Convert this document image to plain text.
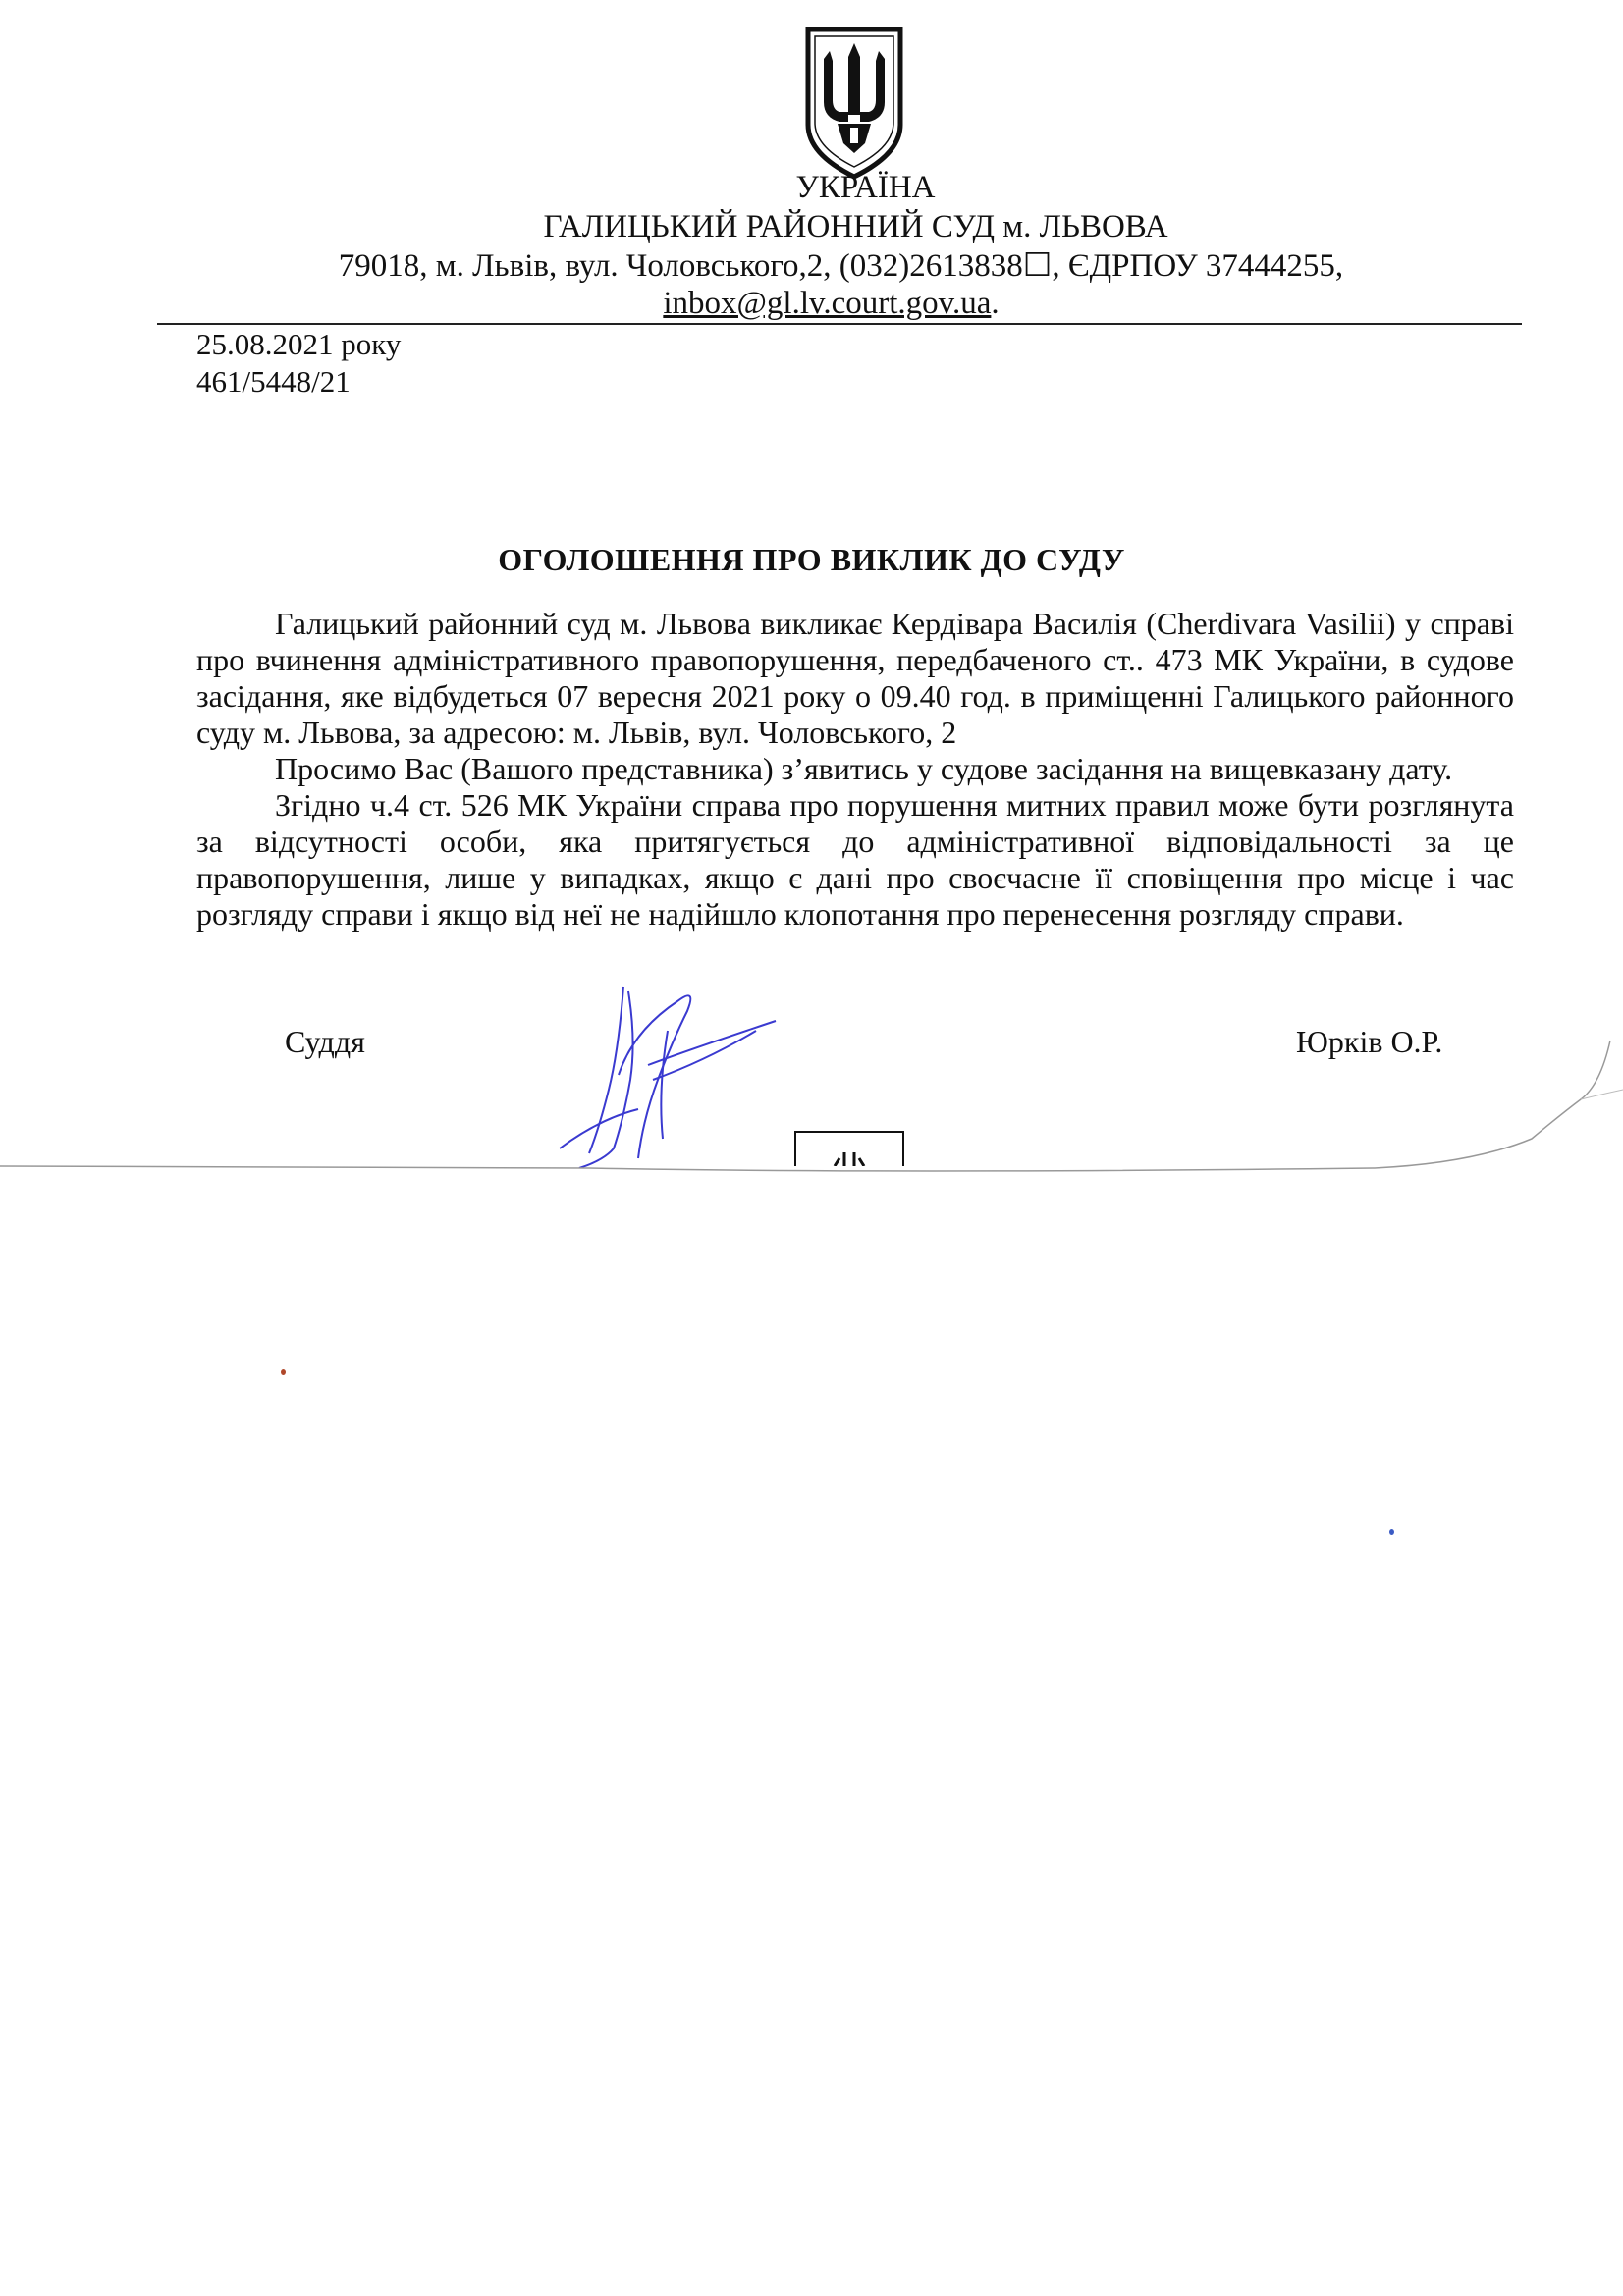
УКРАЇНА
ГАЛИЦЬКИЙ РАЙОННИЙ СУД м. ЛЬВОВА
79018, м. Львів, вул. Чоловського,2, (032)2613838☐, ЄДРПОУ 37444255,
inbox@gl.lv.court.gov.ua.
25.08.2021 року
461/5448/21
ОГОЛОШЕННЯ ПРО ВИКЛИК ДО СУДУ

Галицький районний суд м. Львова викликає Кердівара Василія (Cherdivara Vasilii) у справі про вчинення адміністративного правопорушення, передбаченого ст.. 473 МК України, в судове засідання, яке відбудеться 07 вересня 2021 року о 09.40 год. в приміщенні Галицького районного суду м. Львова, за адресою: м. Львів, вул. Чоловського, 2

Просимо Вас (Вашого представника) з’явитись у судове засідання на вищевказану дату.

Згідно ч.4 ст. 526 МК України справа про порушення митних правил може бути розглянута за відсутності особи, яка притягується до адміністративної відповідальності за це правопорушення, лише у випадках, якщо є дані про своєчасне її сповіщення про місце і час розгляду справи і якщо від неї не надійшло клопотання про перенесення розгляду справи.

Суддя	Юрків О.Р.
